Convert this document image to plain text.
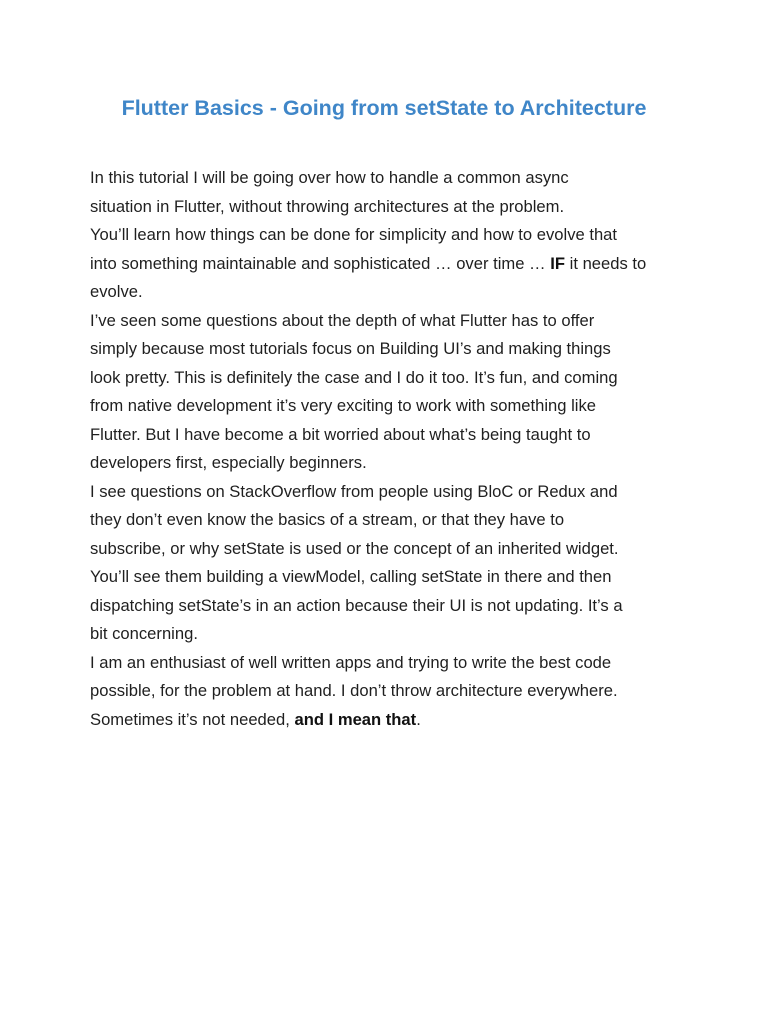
Flutter Basics - Going from setState to Architecture

In this tutorial I will be going over how to handle a common async
situation in Flutter, without throwing architectures at the problem.

You’ll learn how things can be done for simplicity and how to evolve that
into something maintainable and sophisticated … over time … IF it needs to
evolve.

I’ve seen some questions about the depth of what Flutter has to offer
simply because most tutorials focus on Building UI’s and making things
look pretty. This is definitely the case and I do it too. It’s fun, and coming
from native development it’s very exciting to work with something like
Flutter. But I have become a bit worried about what’s being taught to
developers first, especially beginners.

I see questions on StackOverflow from people using BloC or Redux and
they don’t even know the basics of a stream, or that they have to
subscribe, or why setState is used or the concept of an inherited widget.
You’ll see them building a viewModel, calling setState in there and then
dispatching setState’s in an action because their UI is not updating. It’s a
bit concerning.

I am an enthusiast of well written apps and trying to write the best code
possible, for the problem at hand. I don’t throw architecture everywhere.
Sometimes it’s not needed, and I mean that.
